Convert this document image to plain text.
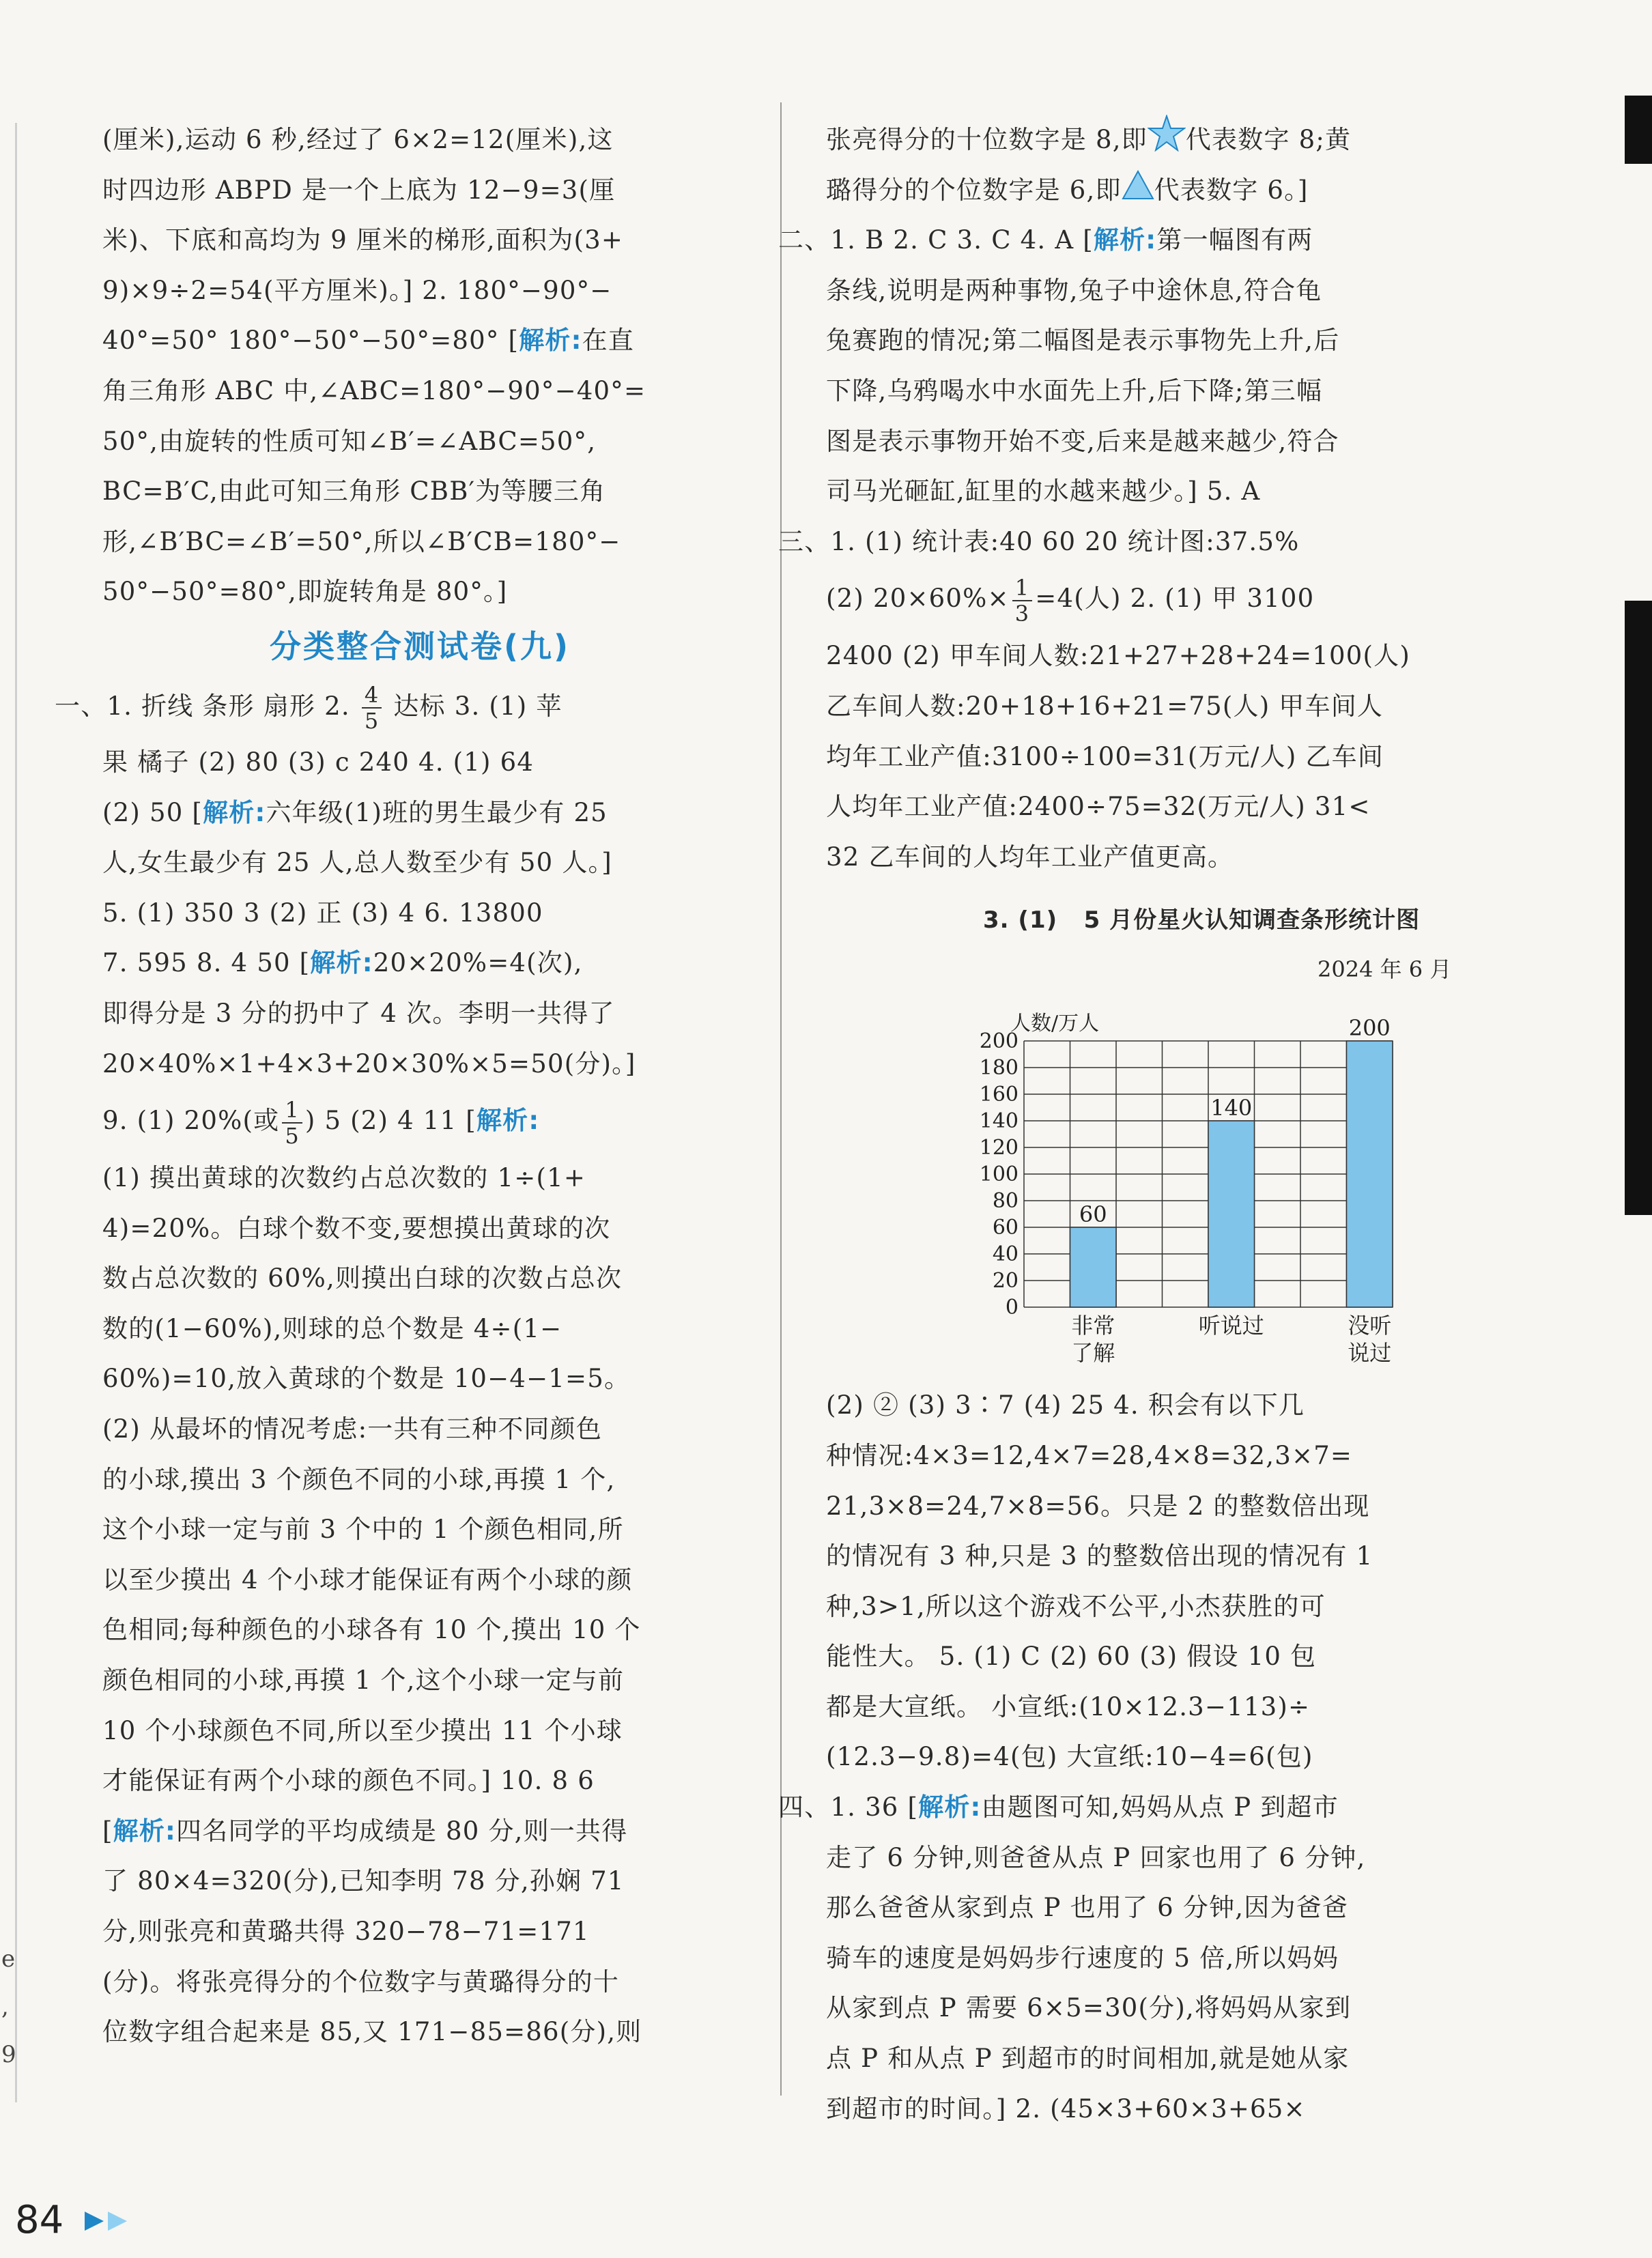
e
,
9
(厘米),运动 6 秒,经过了 6×2=12(厘米),这
时四边形 ABPD 是一个上底为 12−9=3(厘
米)、下底和高均为 9 厘米的梯形,面积为(3+
9)×9÷2=54(平方厘米)。] 2. 180°−90°−
40°=50° 180°−50°−50°=80° [解析:在直
角三角形 ABC 中,∠ABC=180°−90°−40°=
50°,由旋转的性质可知∠B′=∠ABC=50°,
BC=B′C,由此可知三角形 CBB′为等腰三角
形,∠B′BC=∠B′=50°,所以∠B′CB=180°−
50°−50°=80°,即旋转角是 80°。]
分类整合测试卷(九)
一、1. 折线 条形 扇形 2. $\frac{4}{5}$ 达标 3. (1) 苹
果 橘子 (2) 80 (3) c 240 4. (1) 64
(2) 50 [解析:六年级(1)班的男生最少有 25
人,女生最少有 25 人,总人数至少有 50 人。]
5. (1) 350 3 (2) 正 (3) 4 6. 13800
7. 595 8. 4 50 [解析:20×20%=4(次),
即得分是 3 分的扔中了 4 次。李明一共得了
20×40%×1+4×3+20×30%×5=50(分)。]
9. (1) 20%(或 $\frac{1}{5}$ ) 5 (2) 4 11 [解析:
(1) 摸出黄球的次数约占总次数的 1÷(1+
4)=20%。白球个数不变,要想摸出黄球的次
数占总次数的 60%,则摸出白球的次数占总次
数的(1−60%),则球的总个数是 4÷(1−
60%)=10,放入黄球的个数是 10−4−1=5。
(2) 从最坏的情况考虑:一共有三种不同颜色
的小球,摸出 3 个颜色不同的小球,再摸 1 个,
这个小球一定与前 3 个中的 1 个颜色相同,所
以至少摸出 4 个小球才能保证有两个小球的颜
色相同;每种颜色的小球各有 10 个,摸出 10 个
颜色相同的小球,再摸 1 个,这个小球一定与前
10 个小球颜色不同,所以至少摸出 11 个小球
才能保证有两个小球的颜色不同。] 10. 8 6
[解析:四名同学的平均成绩是 80 分,则一共得
了 80×4=320(分),已知李明 78 分,孙娴 71
分,则张亮和黄璐共得 320−78−71=171
(分)。将张亮得分的个位数字与黄璐得分的十
位数字组合起来是 85,又 171−85=86(分),则
张亮得分的十位数字是 8,即 代表数字 8;黄
璐得分的个位数字是 6,即 代表数字 6。]
二、1. B 2. C 3. C 4. A [解析:第一幅图有两
条线,说明是两种事物,兔子中途休息,符合龟
兔赛跑的情况;第二幅图是表示事物先上升,后
下降,乌鸦喝水中水面先上升,后下降;第三幅
图是表示事物开始不变,后来是越来越少,符合
司马光砸缸,缸里的水越来越少。] 5. A
三、1. (1) 统计表:40 60 20 统计图:37.5%
(2) $20\times 60\%\times \frac{1}{3} =4$(人) 2. (1) 甲 3100
2400 (2) 甲车间人数:21+27+28+24=100(人)
乙车间人数:20+18+16+21=75(人) 甲车间人
均年工业产值:3100÷100=31(万元/人) 乙车间
人均年工业产值:2400÷75=32(万元/人) 31<
32 乙车间的人均年工业产值更高。
(2) ② (3) 3∶7 (4) 25 4. 积会有以下几
种情况:4×3=12,4×7=28,4×8=32,3×7=
21,3×8=24,7×8=56。只是 2 的整数倍出现
的情况有 3 种,只是 3 的整数倍出现的情况有 1
种,3>1,所以这个游戏不公平,小杰获胜的可
能性大。 5. (1) C (2) 60 (3) 假设 10 包
都是大宣纸。 小宣纸:(10×12.3−113)÷
(12.3−9.8)=4(包) 大宣纸:10−4=6(包)
四、1. 36 [解析:由题图可知,妈妈从点 P 到超市
走了 6 分钟,则爸爸从点 P 回家也用了 6 分钟,
那么爸爸从家到点 P 也用了 6 分钟,因为爸爸
骑车的速度是妈妈步行速度的 5 倍,所以妈妈
从家到点 P 需要 6×5=30(分),将妈妈从家到
点 P 和从点 P 到超市的时间相加,就是她从家
到超市的时间。] 2. (45×3+60×3+65×
3. (1) 5 月份星火认知调查条形统计图
2024 年 6 月
0
20
40
60
80
100
120
140
160
180
200
人数/万人
60
非常
了解
140
听说过
200
没听
说过
84
